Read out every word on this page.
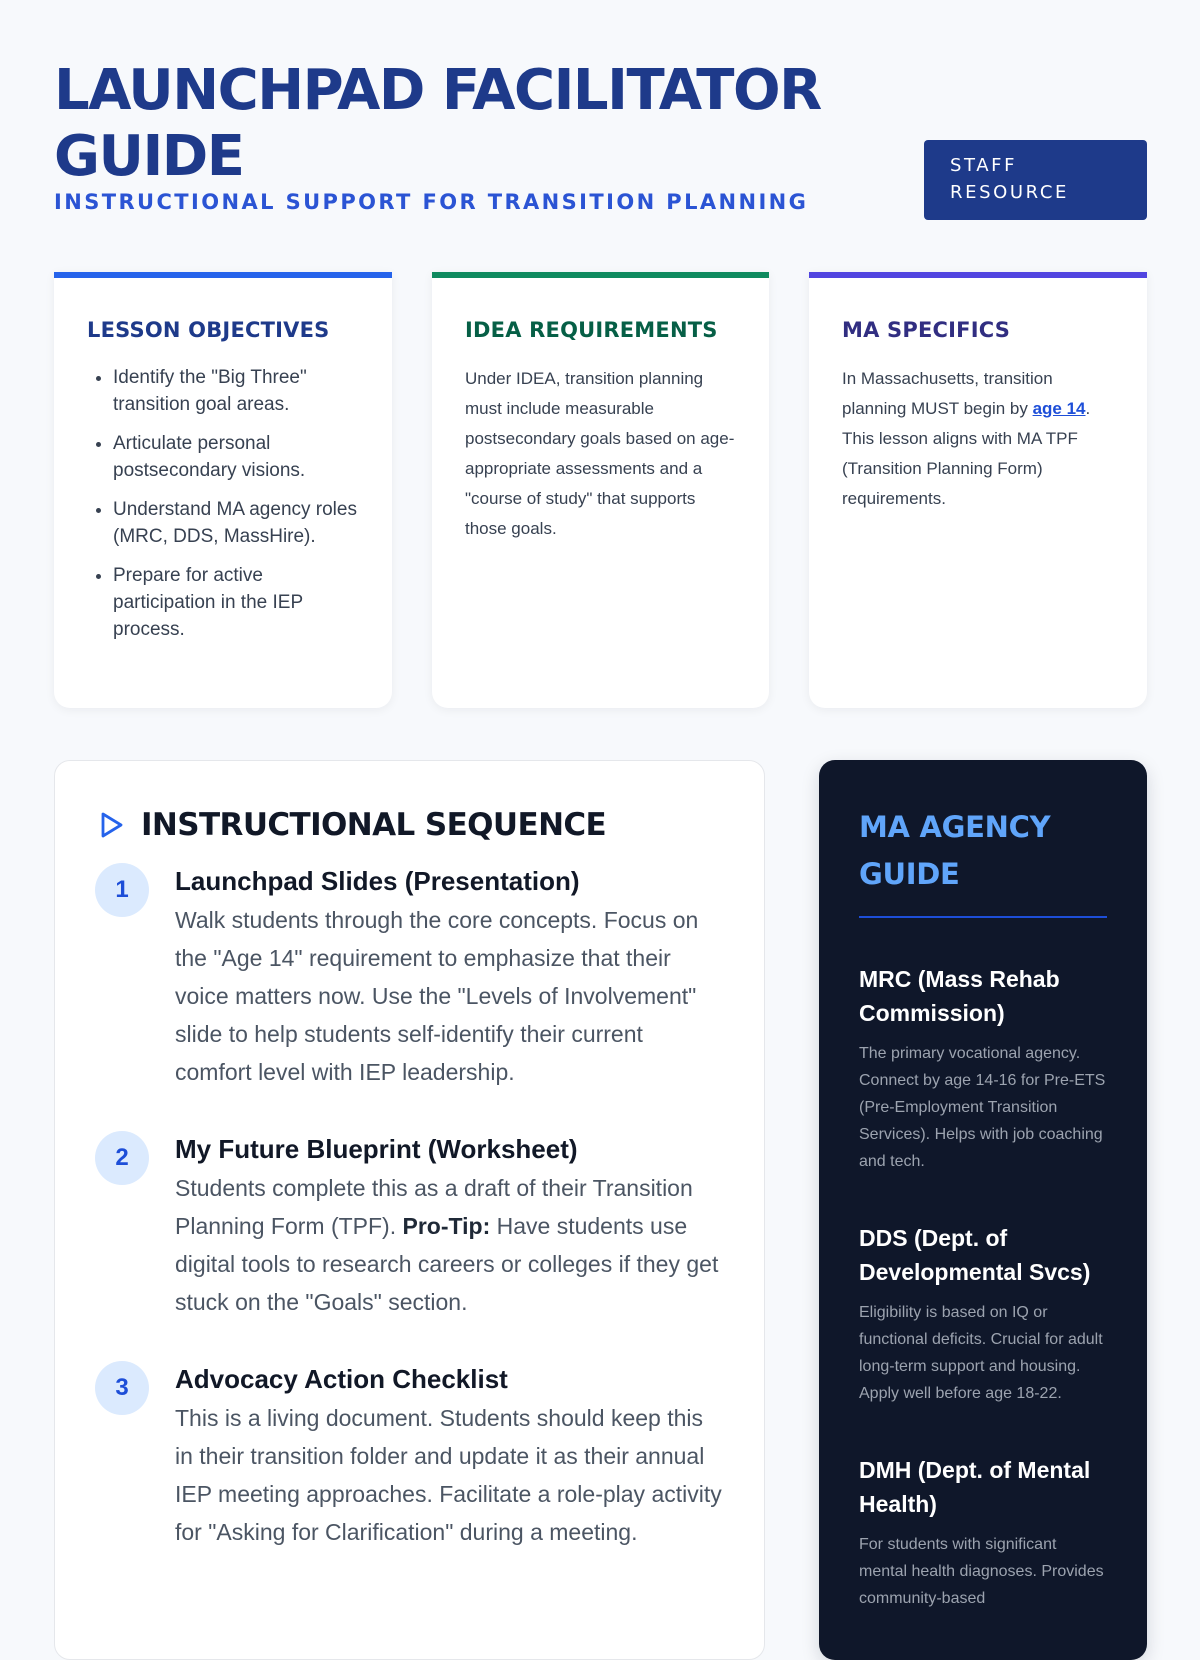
LAUNCHPAD FACILITATOR GUIDE
INSTRUCTIONAL SUPPORT FOR TRANSITION PLANNING
STAFF RESOURCE
LESSON OBJECTIVES
• Identify the "Big Three" transition goal areas.
• Articulate personal postsecondary visions.
• Understand MA agency roles (MRC, DDS, MassHire).
• Prepare for active participation in the IEP process.
IDEA REQUIREMENTS

Under IDEA, transition planning must include measurable postsecondary goals based on age-appropriate assessments and a "course of study" that supports those goals.

MA SPECIFICS

In Massachusetts, transition planning MUST begin by age 14. This lesson aligns with MA TPF (Transition Planning Form) requirements.

INSTRUCTIONAL SEQUENCE
1	Launchpad Slides (Presentation)

Walk students through the core concepts. Focus on the "Age 14" requirement to emphasize that their voice matters now. Use the "Levels of Involvement" slide to help students self-identify their current comfort level with IEP leadership.

2	My Future Blueprint (Worksheet)

Students complete this as a draft of their Transition Planning Form (TPF). Pro-Tip: Have students use digital tools to research careers or colleges if they get stuck on the "Goals" section.

3	Advocacy Action Checklist

This is a living document. Students should keep this in their transition folder and update it as their annual IEP meeting approaches. Facilitate a role-play activity for "Asking for Clarification" during a meeting.

MA AGENCY GUIDE
MRC (Mass Rehab Commission)

The primary vocational agency. Connect by age 14-16 for Pre-ETS (Pre-Employment Transition Services). Helps with job coaching and tech.

DDS (Dept. of Developmental Svcs)

Eligibility is based on IQ or functional deficits. Crucial for adult long-term support and housing. Apply well before age 18-22.

DMH (Dept. of Mental Health)

For students with significant mental health diagnoses. Provides community-based
